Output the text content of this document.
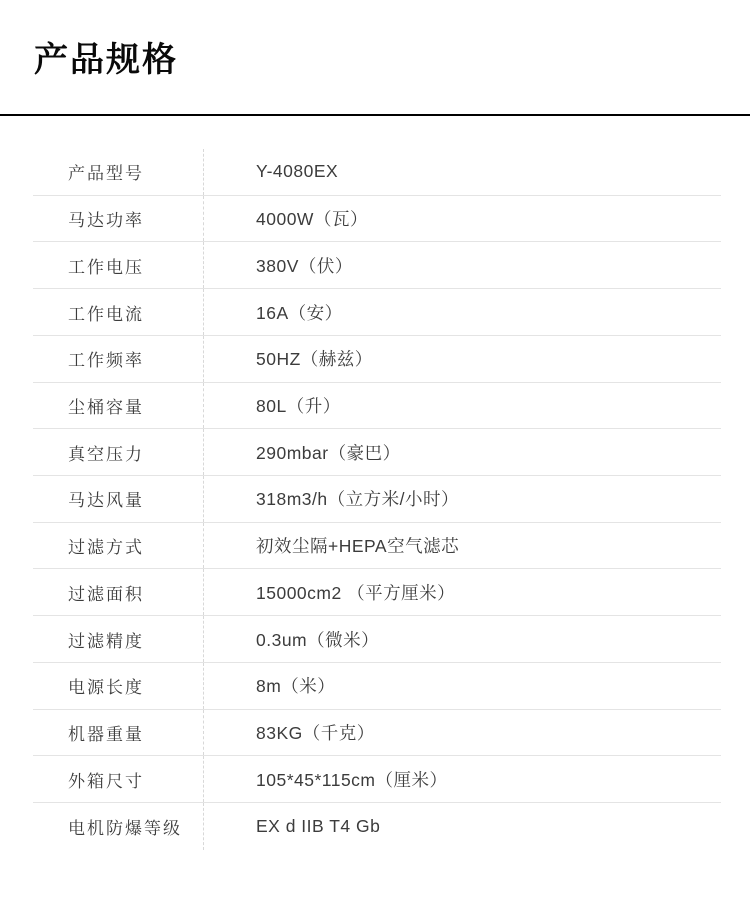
产品规格
产品型号	Y-4080EX
马达功率	4000W（瓦）
工作电压	380V（伏）
工作电流	16A（安）
工作频率	50HZ（赫兹）
尘桶容量	80L（升）
真空压力	290mbar（豪巴）
马达风量	318m3/h（立方米/小时）
过滤方式	初效尘隔+HEPA空气滤芯
过滤面积	15000cm2 （平方厘米）
过滤精度	0.3um（微米）
电源长度	8m（米）
机器重量	83KG（千克）
外箱尺寸	105*45*115cm（厘米）
电机防爆等级	EX d IIB T4 Gb
